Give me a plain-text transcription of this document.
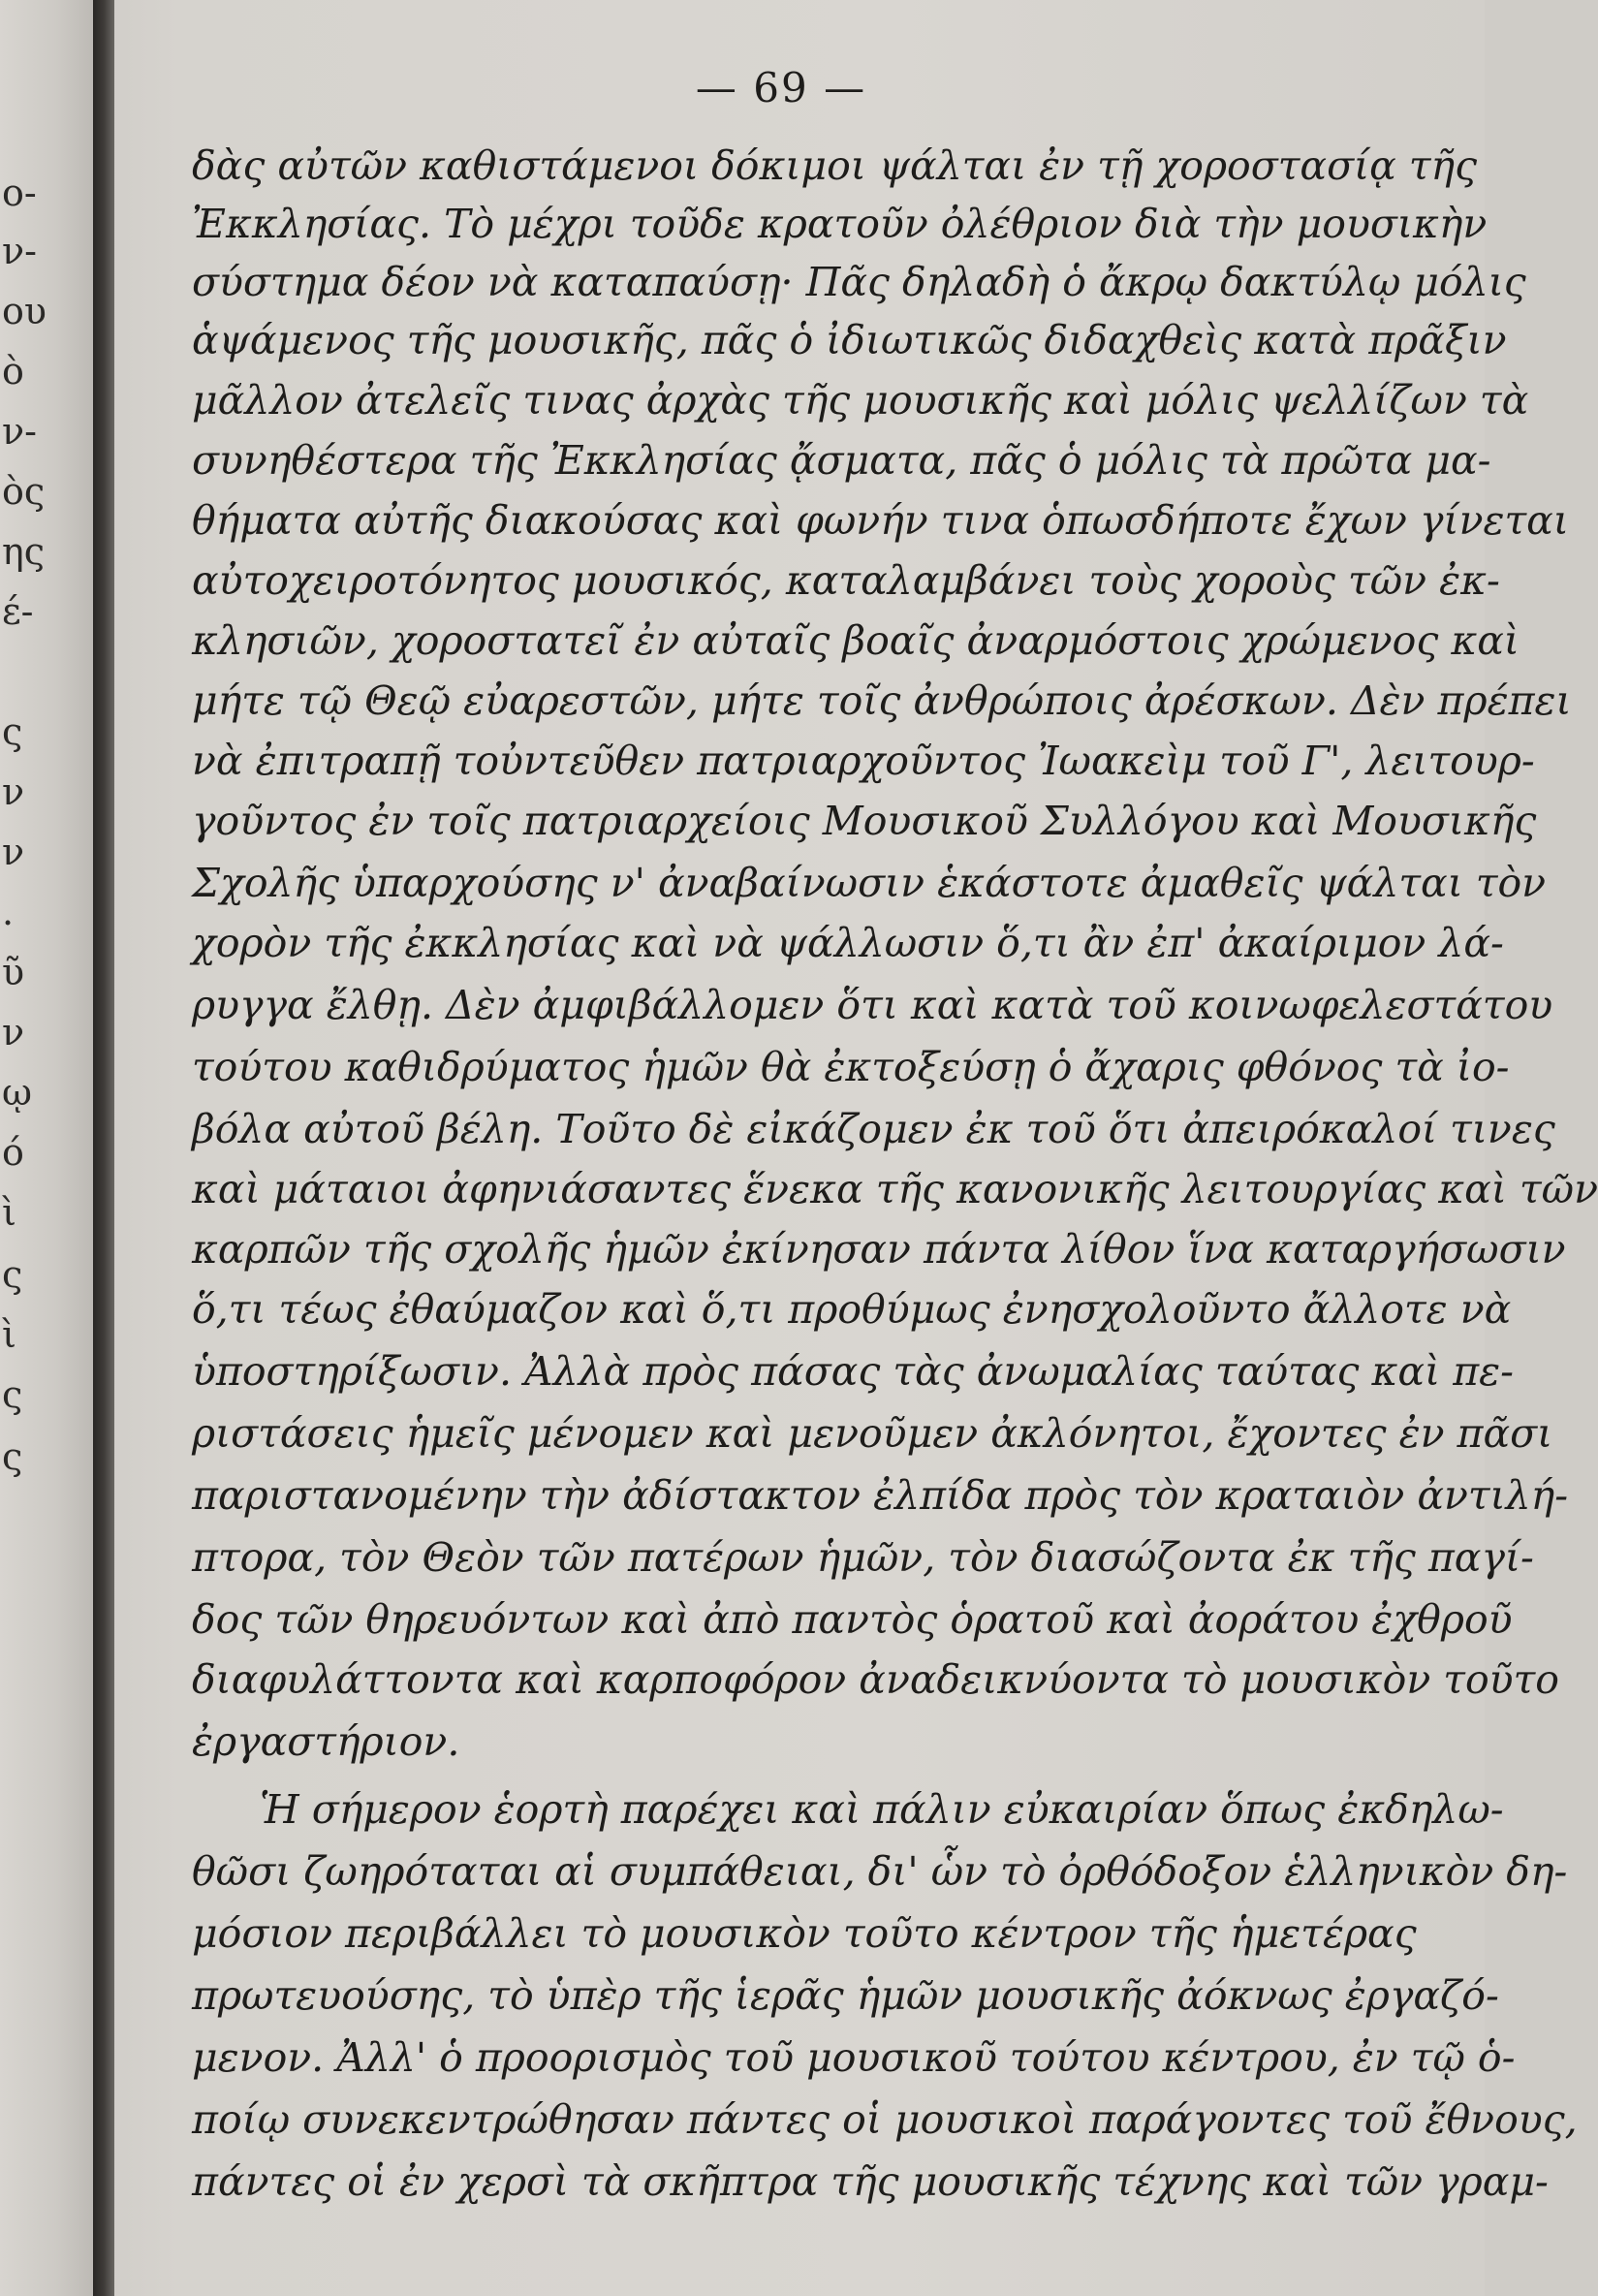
ο-
ν-
ου
ὸ
ν-
ὸς
ης
έ-
ς
ν
ν
.
ῦ
ν
ῳ
ό
ὶ
ς
ὶ
ς
ς
— 69 —
δὰς αὐτῶν καθιστάμενοι δόκιμοι ψάλται ἐν τῇ χοροστασίᾳ τῆς
Ἐκκλησίας. Τὸ μέχρι τοῦδε κρατοῦν ὀλέθριον διὰ τὴν μουσικὴν
σύστημα δέον νὰ καταπαύσῃ· Πᾶς δηλαδὴ ὁ ἄκρῳ δακτύλῳ μόλις
ἁψάμενος τῆς μουσικῆς, πᾶς ὁ ἰδιωτικῶς διδαχθεὶς κατὰ πρᾶξιν
μᾶλλον ἀτελεῖς τινας ἀρχὰς τῆς μουσικῆς καὶ μόλις ψελλίζων τὰ
συνηθέστερα τῆς Ἐκκλησίας ᾄσματα, πᾶς ὁ μόλις τὰ πρῶτα μα-
θήματα αὐτῆς διακούσας καὶ φωνήν τινα ὁπωσδήποτε ἔχων γίνεται
αὐτοχειροτόνητος μουσικός, καταλαμβάνει τοὺς χοροὺς τῶν ἐκ-
κλησιῶν, χοροστατεῖ ἐν αὐταῖς βοαῖς ἀναρμόστοις χρώμενος καὶ
μήτε τῷ Θεῷ εὐαρεστῶν, μήτε τοῖς ἀνθρώποις ἀρέσκων. Δὲν πρέπει
νὰ ἐπιτραπῇ τοὐντεῦθεν πατριαρχοῦντος Ἰωακεὶμ τοῦ Γ', λειτουρ-
γοῦντος ἐν τοῖς πατριαρχείοις Μουσικοῦ Συλλόγου καὶ Μουσικῆς
Σχολῆς ὑπαρχούσης ν' ἀναβαίνωσιν ἑκάστοτε ἀμαθεῖς ψάλται τὸν
χορὸν τῆς ἐκκλησίας καὶ νὰ ψάλλωσιν ὅ,τι ἂν ἐπ' ἀκαίριμον λά-
ρυγγα ἔλθῃ. Δὲν ἀμφιβάλλομεν ὅτι καὶ κατὰ τοῦ κοινωφελεστάτου
τούτου καθιδρύματος ἡμῶν θὰ ἐκτοξεύσῃ ὁ ἄχαρις φθόνος τὰ ἰο-
βόλα αὐτοῦ βέλη. Τοῦτο δὲ εἰκάζομεν ἐκ τοῦ ὅτι ἀπειρόκαλοί τινες
καὶ μάταιοι ἀφηνιάσαντες ἕνεκα τῆς κανονικῆς λειτουργίας καὶ τῶν
καρπῶν τῆς σχολῆς ἡμῶν ἐκίνησαν πάντα λίθον ἵνα καταργήσωσιν
ὅ,τι τέως ἐθαύμαζον καὶ ὅ,τι προθύμως ἐνησχολοῦντο ἄλλοτε νὰ
ὑποστηρίξωσιν. Ἀλλὰ πρὸς πάσας τὰς ἀνωμαλίας ταύτας καὶ πε-
ριστάσεις ἡμεῖς μένομεν καὶ μενοῦμεν ἀκλόνητοι, ἔχοντες ἐν πᾶσι
παριστανομένην τὴν ἀδίστακτον ἐλπίδα πρὸς τὸν κραταιὸν ἀντιλή-
πτορα, τὸν Θεὸν τῶν πατέρων ἡμῶν, τὸν διασώζοντα ἐκ τῆς παγί-
δος τῶν θηρευόντων καὶ ἀπὸ παντὸς ὁρατοῦ καὶ ἀοράτου ἐχθροῦ
διαφυλάττοντα καὶ καρποφόρον ἀναδεικνύοντα τὸ μουσικὸν τοῦτο
ἐργαστήριον.
Ἡ σήμερον ἑορτὴ παρέχει καὶ πάλιν εὐκαιρίαν ὅπως ἐκδηλω-
θῶσι ζωηρόταται αἱ συμπάθειαι, δι' ὧν τὸ ὀρθόδοξον ἑλληνικὸν δη-
μόσιον περιβάλλει τὸ μουσικὸν τοῦτο κέντρον τῆς ἡμετέρας
πρωτευούσης, τὸ ὑπὲρ τῆς ἱερᾶς ἡμῶν μουσικῆς ἀόκνως ἐργαζό-
μενον. Ἀλλ' ὁ προορισμὸς τοῦ μουσικοῦ τούτου κέντρου, ἐν τῷ ὁ-
ποίῳ συνεκεντρώθησαν πάντες οἱ μουσικοὶ παράγοντες τοῦ ἔθνους,
πάντες οἱ ἐν χερσὶ τὰ σκῆπτρα τῆς μουσικῆς τέχνης καὶ τῶν γραμ-
